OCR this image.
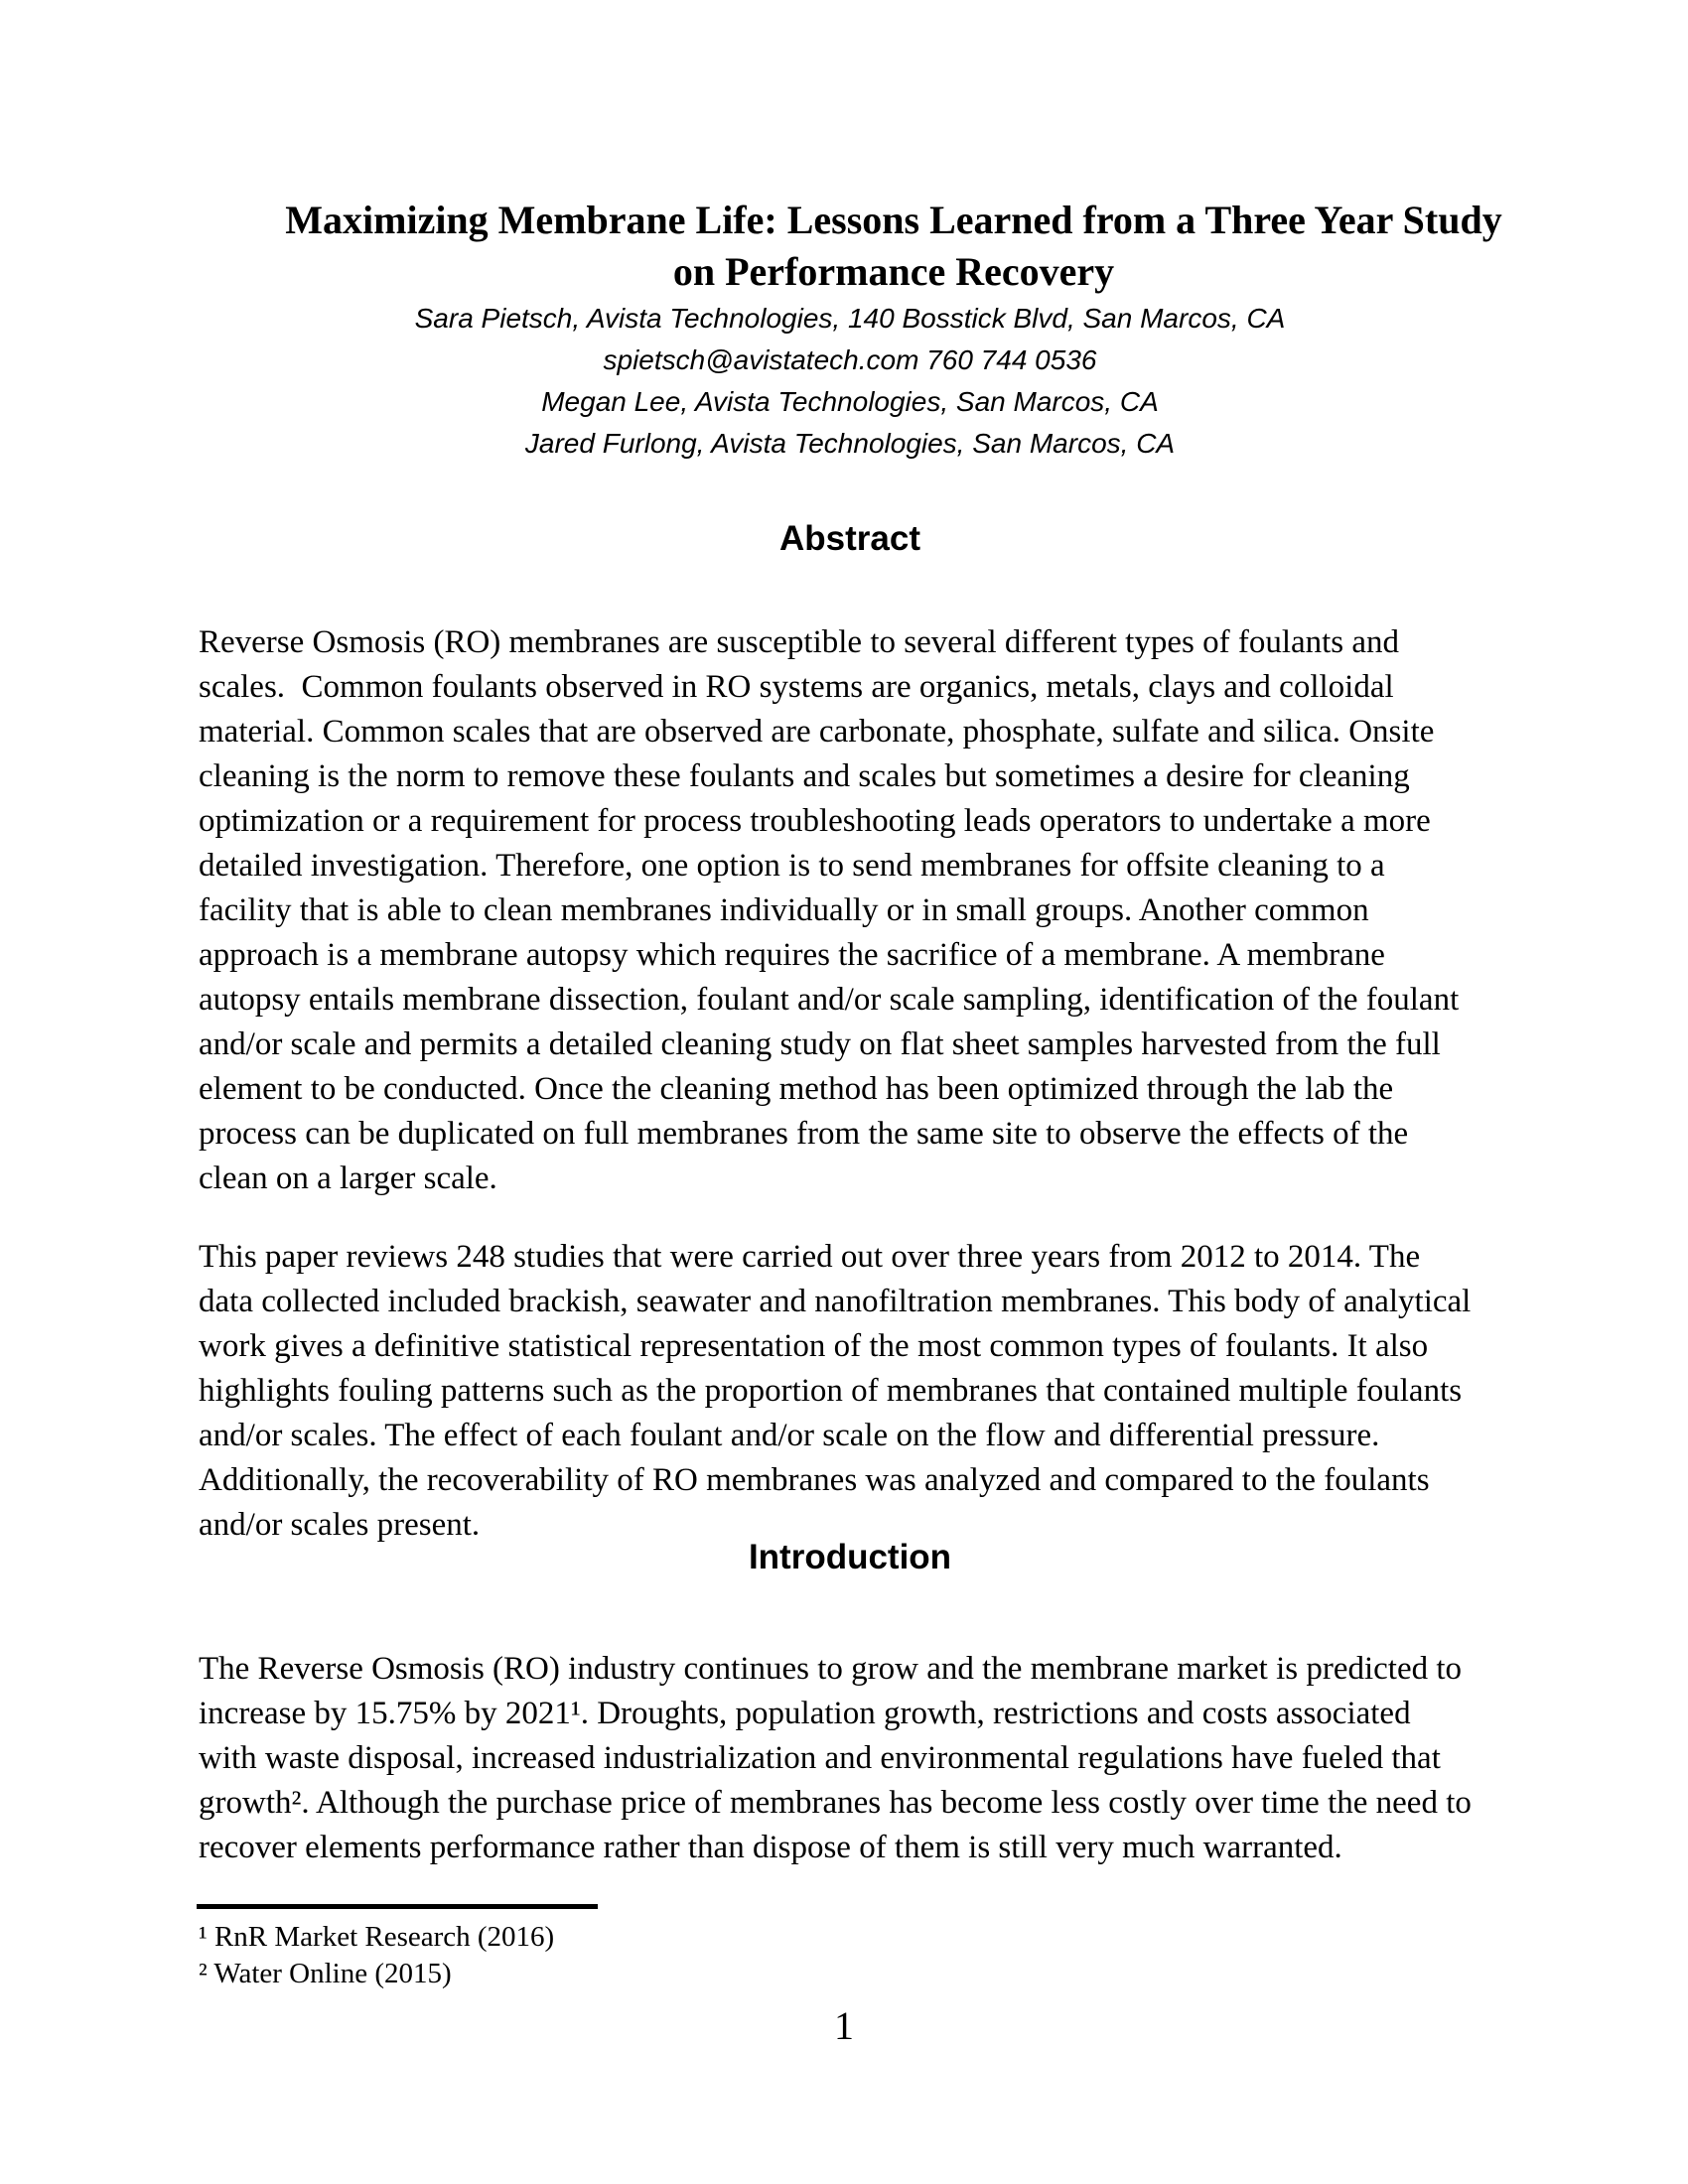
Maximizing Membrane Life: Lessons Learned from a Three Year Study
on Performance Recovery
Sara Pietsch, Avista Technologies, 140 Bosstick Blvd, San Marcos, CA
spietsch@avistatech.com 760 744 0536
Megan Lee, Avista Technologies, San Marcos, CA
Jared Furlong, Avista Technologies, San Marcos, CA
Abstract
Reverse Osmosis (RO) membranes are susceptible to several different types of foulants and
scales.  Common foulants observed in RO systems are organics, metals, clays and colloidal
material. Common scales that are observed are carbonate, phosphate, sulfate and silica. Onsite
cleaning is the norm to remove these foulants and scales but sometimes a desire for cleaning
optimization or a requirement for process troubleshooting leads operators to undertake a more
detailed investigation. Therefore, one option is to send membranes for offsite cleaning to a
facility that is able to clean membranes individually or in small groups. Another common
approach is a membrane autopsy which requires the sacrifice of a membrane. A membrane
autopsy entails membrane dissection, foulant and/or scale sampling, identification of the foulant
and/or scale and permits a detailed cleaning study on flat sheet samples harvested from the full
element to be conducted. Once the cleaning method has been optimized through the lab the
process can be duplicated on full membranes from the same site to observe the effects of the
clean on a larger scale.
This paper reviews 248 studies that were carried out over three years from 2012 to 2014. The
data collected included brackish, seawater and nanofiltration membranes. This body of analytical
work gives a definitive statistical representation of the most common types of foulants. It also
highlights fouling patterns such as the proportion of membranes that contained multiple foulants
and/or scales. The effect of each foulant and/or scale on the flow and differential pressure.
Additionally, the recoverability of RO membranes was analyzed and compared to the foulants
and/or scales present.
Introduction
The Reverse Osmosis (RO) industry continues to grow and the membrane market is predicted to
increase by 15.75% by 2021¹. Droughts, population growth, restrictions and costs associated
with waste disposal, increased industrialization and environmental regulations have fueled that
growth². Although the purchase price of membranes has become less costly over time the need to
recover elements performance rather than dispose of them is still very much warranted.
¹ RnR Market Research (2016)
² Water Online (2015)
1
